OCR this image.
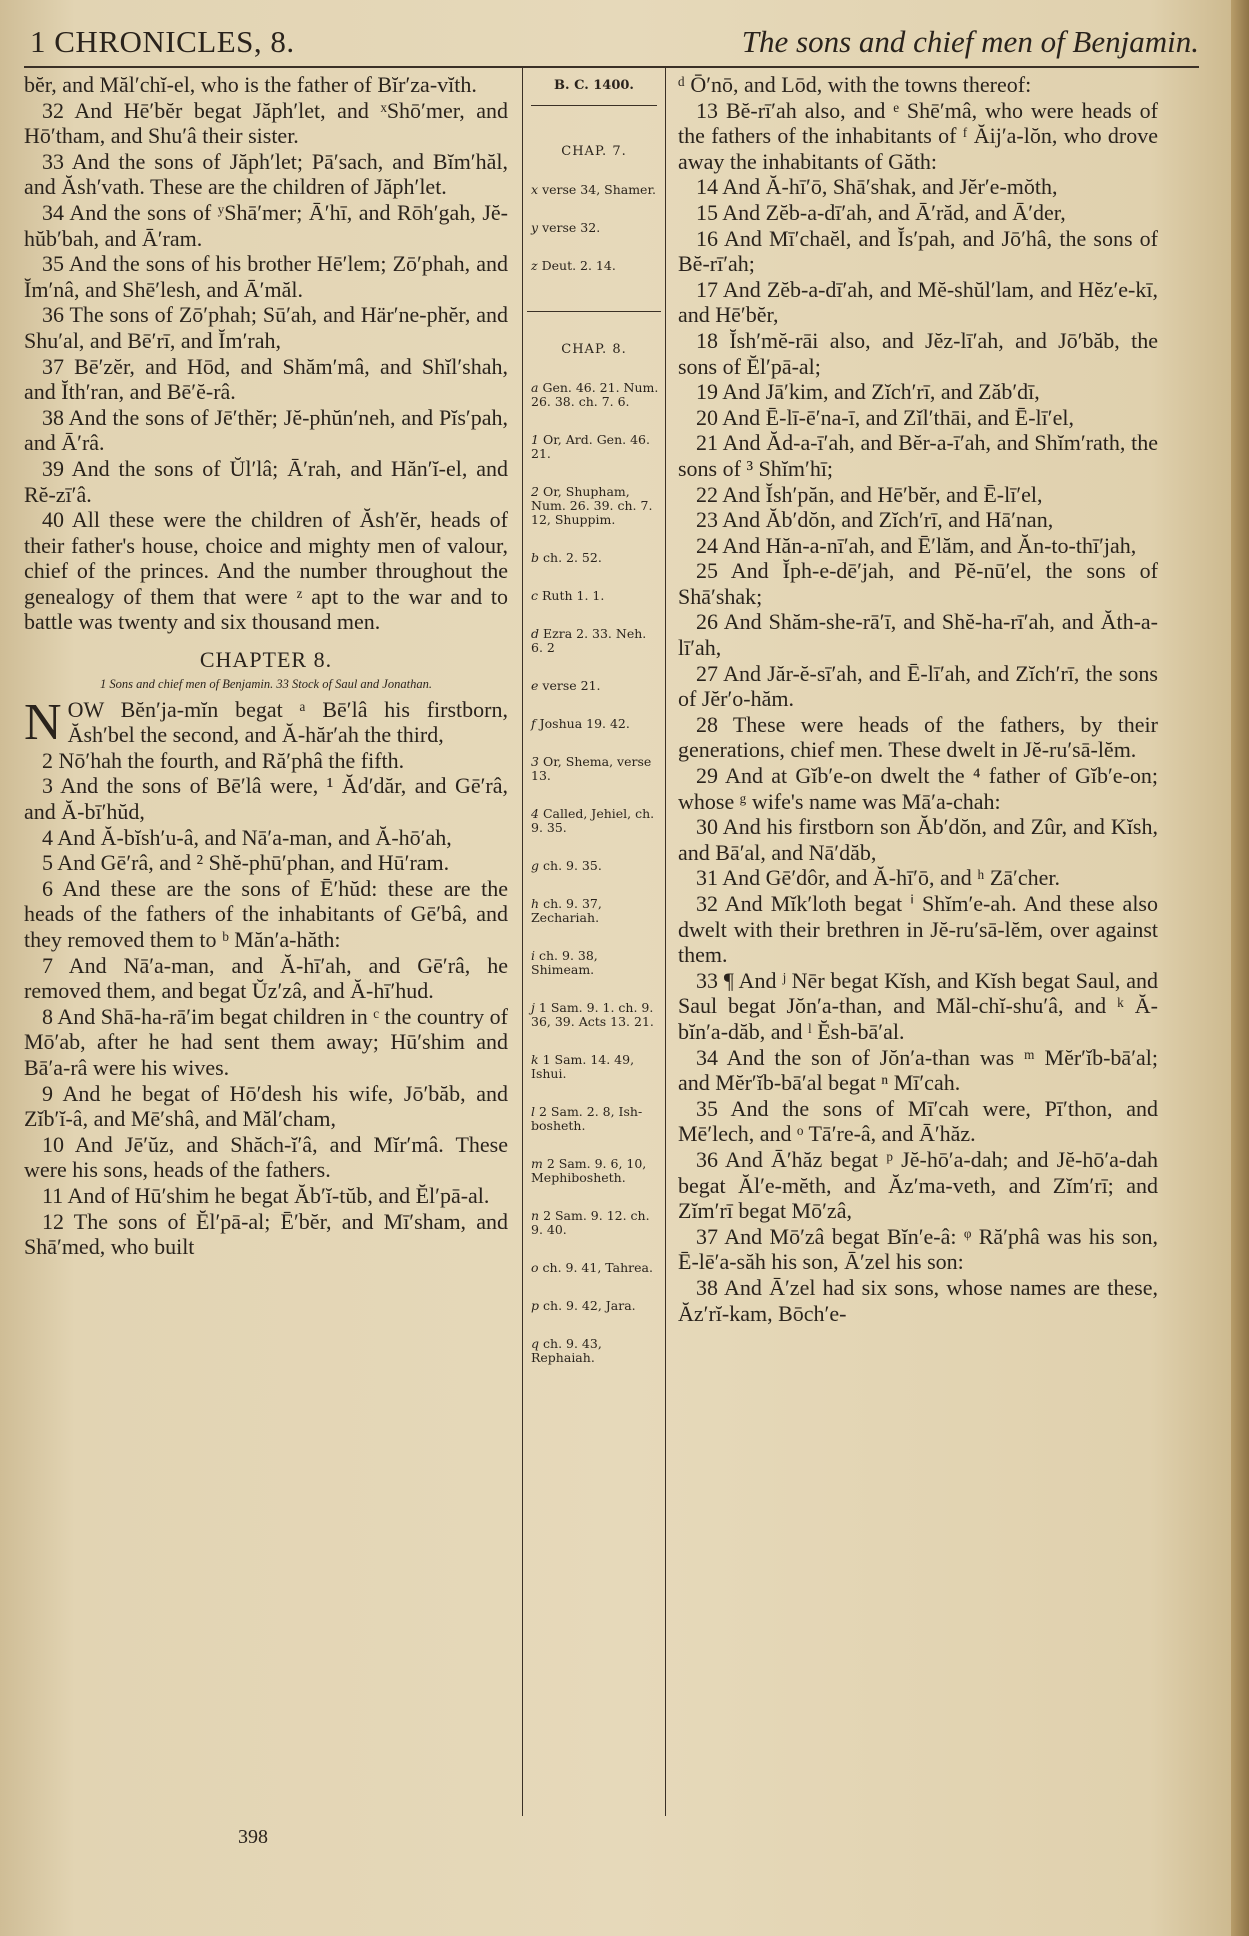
1 CHRONICLES, 8.	The sons and chief men of Benjamin.

bĕr, and Măl′chĭ-el, who is the father of Bĭr′za-vĭth.

32 And Hē′bĕr begat Jăph′let, and ˣShō′mer, and Hō′tham, and Shu′â their sister.

33 And the sons of Jăph′let; Pā′sach, and Bĭm′hăl, and Ăsh′vath. These are the children of Jăph′let.

34 And the sons of ʸShā′mer; Ā′hī, and Rōh′gah, Jĕ-hŭb′bah, and Ā′ram.

35 And the sons of his brother Hē′lem; Zō′phah, and Ĭm′nâ, and Shē′lesh, and Ā′măl.

36 The sons of Zō′phah; Sū′ah, and Här′ne-phĕr, and Shu′al, and Bē′rī, and Ĭm′rah,

37 Bē′zĕr, and Hōd, and Shăm′mâ, and Shĭl′shah, and Ĭth′ran, and Bē′ĕ-râ.

38 And the sons of Jē′thĕr; Jĕ-phŭn′neh, and Pĭs′pah, and Ā′râ.

39 And the sons of Ŭl′lâ; Ā′rah, and Hăn′ĭ-el, and Rĕ-zī′â.

40 All these were the children of Ăsh′ĕr, heads of their father's house, choice and mighty men of valour, chief of the princes. And the number throughout the genealogy of them that were ᶻ apt to the war and to battle was twenty and six thousand men.

CHAPTER 8.
1 Sons and chief men of Benjamin. 33 Stock of Saul and Jonathan.
N OW Bĕn′ja-mĭn begat ᵃ Bē′lâ his firstborn, Ăsh′bel the second, and Ă-hăr′ah the third,

2 Nō′hah the fourth, and Ră′phâ the fifth.

3 And the sons of Bē′lâ were, ¹ Ăd′dăr, and Gē′râ, and Ă-bī′hŭd,

4 And Ă-bĭsh′u-â, and Nā′a-man, and Ă-hō′ah,

5 And Gē′râ, and ² Shĕ-phū′phan, and Hū′ram.

6 And these are the sons of Ē′hŭd: these are the heads of the fathers of the inhabitants of Gē′bâ, and they removed them to ᵇ Măn′a-hăth:

7 And Nā′a-man, and Ă-hī′ah, and Gē′râ, he removed them, and begat Ŭz′zâ, and Ă-hī′hud.

8 And Shā-ha-rā′im begat children in ᶜ the country of Mō′ab, after he had sent them away; Hū′shim and Bā′a-râ were his wives.

9 And he begat of Hō′desh his wife, Jō′băb, and Zĭb′ĭ-â, and Mē′shâ, and Măl′cham,

10 And Jē′ŭz, and Shăch-ĭ′â, and Mĭr′mâ. These were his sons, heads of the fathers.

11 And of Hū′shim he begat Ăb′ĭ-tŭb, and Ĕl′pā-al.

12 The sons of Ĕl′pā-al; Ē′bĕr, and Mī′sham, and Shā′med, who built

B. C. 1400.
CHAP. 7.
x verse 34, Shamer.
y verse 32.
z Deut. 2. 14.
CHAP. 8.
a Gen. 46. 21. Num. 26. 38. ch. 7. 6.
1 Or, Ard. Gen. 46. 21.
2 Or, Shupham, Num. 26. 39. ch. 7. 12, Shuppim.
b ch. 2. 52.
c Ruth 1. 1.
d Ezra 2. 33. Neh. 6. 2
e verse 21.
f Joshua 19. 42.
3 Or, Shema, verse 13.
4 Called, Jehiel, ch. 9. 35.
g ch. 9. 35.
h ch. 9. 37, Zechariah.
i ch. 9. 38, Shimeam.
j 1 Sam. 9. 1. ch. 9. 36, 39. Acts 13. 21.
k 1 Sam. 14. 49, Ishui.
l 2 Sam. 2. 8, Ish-bosheth.
m 2 Sam. 9. 6, 10, Mephibosheth.
n 2 Sam. 9. 12. ch. 9. 40.
o ch. 9. 41, Tahrea.
p ch. 9. 42, Jara.
q ch. 9. 43, Rephaiah.

ᵈ Ō′nō, and Lōd, with the towns thereof:

13 Bĕ-rī′ah also, and ᵉ Shē′mâ, who were heads of the fathers of the inhabitants of ᶠ Ăij′a-lŏn, who drove away the inhabitants of Găth:

14 And Ă-hī′ō, Shā′shak, and Jĕr′e-mŏth,

15 And Zĕb-a-dī′ah, and Ā′răd, and Ā′der,

16 And Mī′chaĕl, and Ĭs′pah, and Jō′hâ, the sons of Bĕ-rī′ah;

17 And Zĕb-a-dī′ah, and Mĕ-shŭl′lam, and Hĕz′e-kī, and Hē′bĕr,

18 Ĭsh′mĕ-rāi also, and Jĕz-lī′ah, and Jō′băb, the sons of Ĕl′pā-al;

19 And Jā′kim, and Zĭch′rī, and Zăb′dī,

20 And Ē-lī-ē′na-ī, and Zĭl′thāi, and Ē-lī′el,

21 And Ăd-a-ī′ah, and Bĕr-a-ī′ah, and Shĭm′rath, the sons of ³ Shĭm′hī;

22 And Ĭsh′păn, and Hē′bĕr, and Ē-lī′el,

23 And Ăb′dŏn, and Zĭch′rī, and Hā′nan,

24 And Hăn-a-nī′ah, and Ē′lăm, and Ăn-to-thī′jah,

25 And Ĭph-e-dē′jah, and Pĕ-nū′el, the sons of Shā′shak;

26 And Shăm-she-rā′ī, and Shĕ-ha-rī′ah, and Ăth-a-lī′ah,

27 And Jăr-ĕ-sī′ah, and Ē-lī′ah, and Zĭch′rī, the sons of Jĕr′o-hăm.

28 These were heads of the fathers, by their generations, chief men. These dwelt in Jĕ-ru′sā-lĕm.

29 And at Gĭb′e-on dwelt the ⁴ father of Gĭb′e-on; whose ᵍ wife's name was Mā′a-chah:

30 And his firstborn son Ăb′dŏn, and Zûr, and Kĭsh, and Bā′al, and Nā′dăb,

31 And Gē′dôr, and Ă-hī′ō, and ʰ Zā′cher.

32 And Mĭk′loth begat ⁱ Shĭm′e-ah. And these also dwelt with their brethren in Jĕ-ru′sā-lĕm, over against them.

33 ¶ And ʲ Nēr begat Kĭsh, and Kĭsh begat Saul, and Saul begat Jŏn′a-than, and Măl-chĭ-shu′â, and ᵏ Ă-bĭn′a-dăb, and ˡ Ĕsh-bā′al.

34 And the son of Jŏn′a-than was ᵐ Mĕr′ĭb-bā′al; and Mĕr′ĭb-bā′al begat ⁿ Mī′cah.

35 And the sons of Mī′cah were, Pī′thon, and Mē′lech, and ᵒ Tā′re-â, and Ā′hăz.

36 And Ā′hăz begat ᵖ Jĕ-hō′a-dah; and Jĕ-hō′a-dah begat Ăl′e-mĕth, and Ăz′ma-veth, and Zĭm′rī; and Zĭm′rī begat Mō′zâ,

37 And Mō′zâ begat Bĭn′e-â: ᵠ Ră′phâ was his son, Ē-lē′a-săh his son, Ā′zel his son:

38 And Ā′zel had six sons, whose names are these, Ăz′rĭ-kam, Bōch′e-

398
